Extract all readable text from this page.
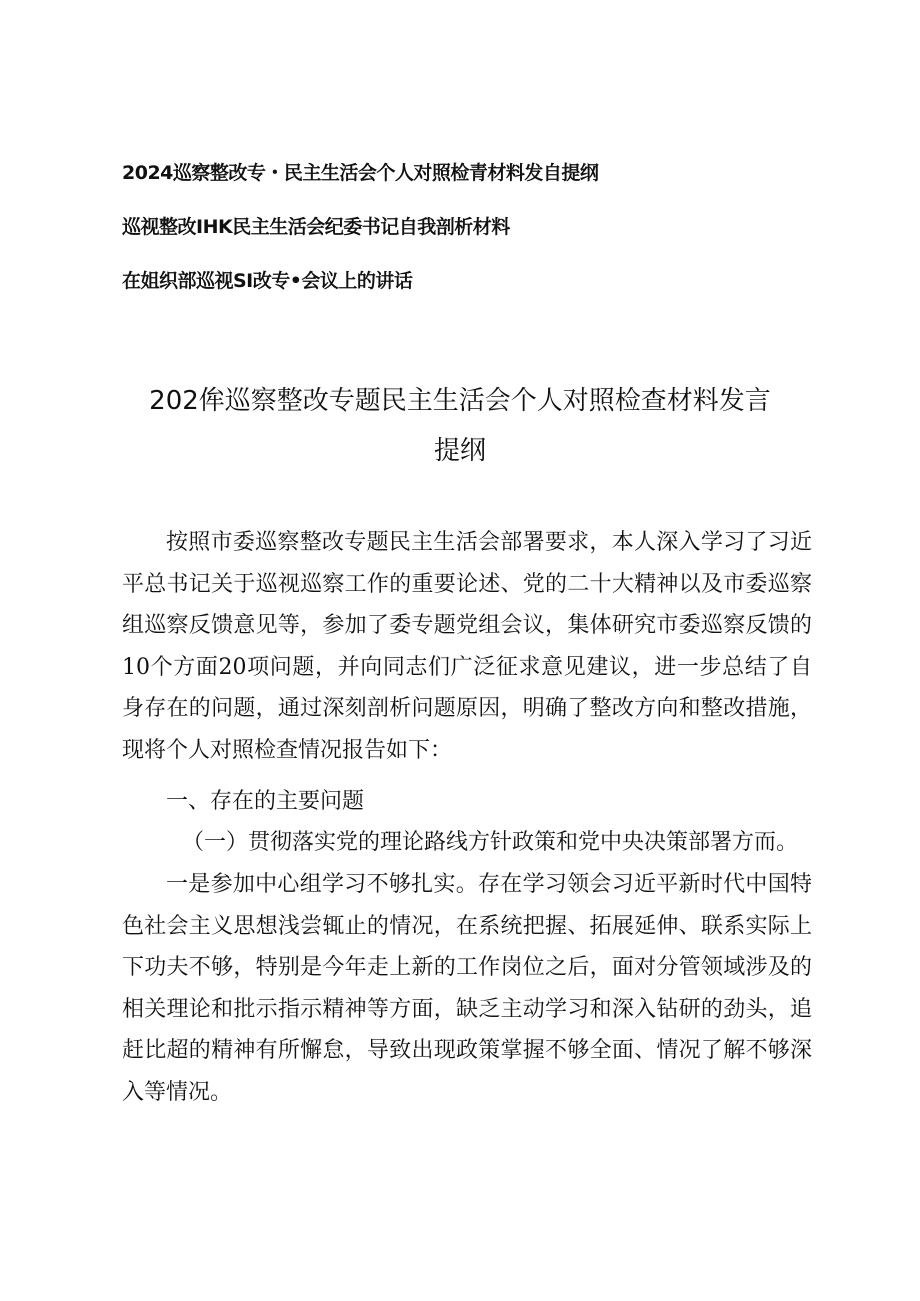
2024巡察整改专・民主生活会个人对照检青材料发自提纲
巡视整改IHK民主生活会纪委书记自我剖析材料
在姐织部巡视SI改专•会议上的讲话
202侔巡察整改专题民主生活会个人对照检查材料发言
提纲
按照市委巡察整改专题民主生活会部署要求，本人深入学习了习近平总书记关于巡视巡察工作的重要论述、党的二十大精神以及市委巡察组巡察反馈意见等，参加了委专题党组会议，集体研究市委巡察反馈的10个方面20项问题，并向同志们广泛征求意见建议，进一步总结了自身存在的问题，通过深刻剖析问题原因，明确了整改方向和整改措施，现将个人对照检查情况报告如下：
一、存在的主要问题
（一）贯彻落实党的理论路线方针政策和党中央决策部署方而。
一是参加中心组学习不够扎实。存在学习领会习近平新时代中国特色社会主义思想浅尝辄止的情况，在系统把握、拓展延伸、联系实际上下功夫不够，特别是今年走上新的工作岗位之后，面对分管领域涉及的相关理论和批示指示精神等方面，缺乏主动学习和深入钻研的劲头，追赶比超的精神有所懈怠，导致出现政策掌握不够全面、情况了解不够深入等情况。
